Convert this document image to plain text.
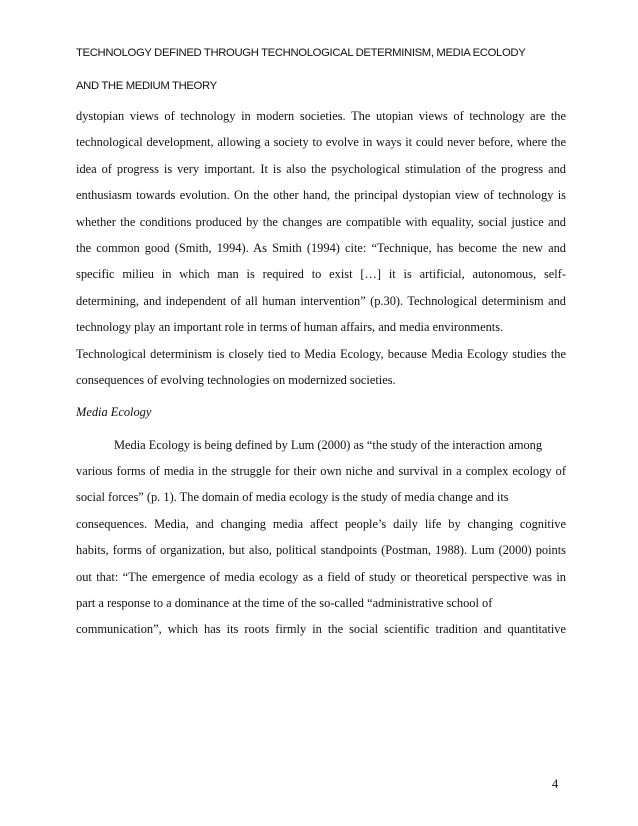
TECHNOLOGY DEFINED THROUGH TECHNOLOGICAL DETERMINISM, MEDIA ECOLODY
AND THE MEDIUM THEORY
dystopian views of technology in modern societies. The utopian views of technology are the
technological development, allowing a society to evolve in ways it could never before, where the
idea of progress is very important. It is also the psychological stimulation of the progress and
enthusiasm towards evolution. On the other hand, the principal dystopian view of technology is
whether the conditions produced by the changes are compatible with equality, social justice and
the common good (Smith, 1994). As Smith (1994) cite: “Technique, has become the new and
specific milieu in which man is required to exist […] it is artificial, autonomous, self-
determining, and independent of all human intervention” (p.30). Technological determinism and
technology play an important role in terms of human affairs, and media environments.
Technological determinism is closely tied to Media Ecology, because Media Ecology studies the
consequences of evolving technologies on modernized societies.
Media Ecology
Media Ecology is being defined by Lum (2000) as “the study of the interaction among
various forms of media in the struggle for their own niche and survival in a complex ecology of
social forces” (p. 1). The domain of media ecology is the study of media change and its
consequences. Media, and changing media affect people’s daily life by changing cognitive
habits, forms of organization, but also, political standpoints (Postman, 1988). Lum (2000) points
out that: “The emergence of media ecology as a field of study or theoretical perspective was in
part a response to a dominance at the time of the so-called “administrative school of
communication”, which has its roots firmly in the social scientific tradition and quantitative
4
